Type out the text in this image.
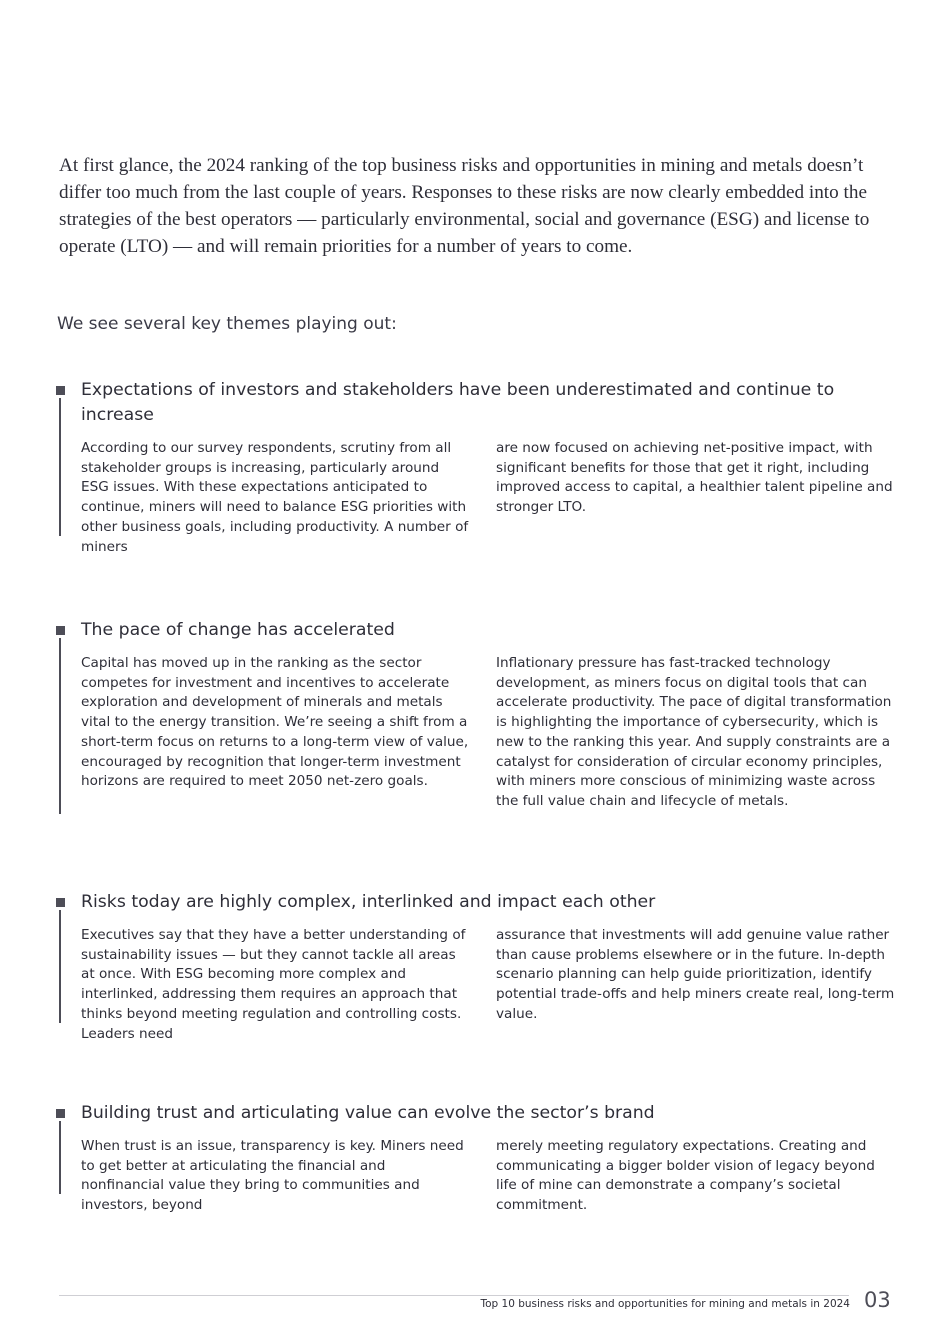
At first glance, the 2024 ranking of the top business risks and opportunities in mining and metals doesn’t differ too much from the last couple of years. Responses to these risks are now clearly embedded into the strategies of the best operators — particularly environmental, social and governance (ESG) and license to operate (LTO) — and will remain priorities for a number of years to come.

We see several key themes playing out:

Expectations of investors and stakeholders have been underestimated and continue to increase

According to our survey respondents, scrutiny from all stakeholder groups is increasing, particularly around ESG issues. With these expectations anticipated to continue, miners will need to balance ESG priorities with other business goals, including productivity. A number of miners

are now focused on achieving net-positive impact, with significant benefits for those that get it right, including improved access to capital, a healthier talent pipeline and stronger LTO.

The pace of change has accelerated

Capital has moved up in the ranking as the sector competes for investment and incentives to accelerate exploration and development of minerals and metals vital to the energy transition. We’re seeing a shift from a short-term focus on returns to a long-term view of value, encouraged by recognition that longer-term investment horizons are required to meet 2050 net-zero goals.

Inflationary pressure has fast-tracked technology development, as miners focus on digital tools that can accelerate productivity. The pace of digital transformation is highlighting the importance of cybersecurity, which is new to the ranking this year. And supply constraints are a catalyst for consideration of circular economy principles, with miners more conscious of minimizing waste across the full value chain and lifecycle of metals.

Risks today are highly complex, interlinked and impact each other

Executives say that they have a better understanding of sustainability issues — but they cannot tackle all areas at once. With ESG becoming more complex and interlinked, addressing them requires an approach that thinks beyond meeting regulation and controlling costs. Leaders need

assurance that investments will add genuine value rather than cause problems elsewhere or in the future. In-depth scenario planning can help guide prioritization, identify potential trade-offs and help miners create real, long-term value.

Building trust and articulating value can evolve the sector’s brand

When trust is an issue, transparency is key. Miners need to get better at articulating the financial and nonfinancial value they bring to communities and investors, beyond

merely meeting regulatory expectations. Creating and communicating a bigger bolder vision of legacy beyond life of mine can demonstrate a company’s societal commitment.

Top 10 business risks and opportunities for mining and metals in 2024 03
